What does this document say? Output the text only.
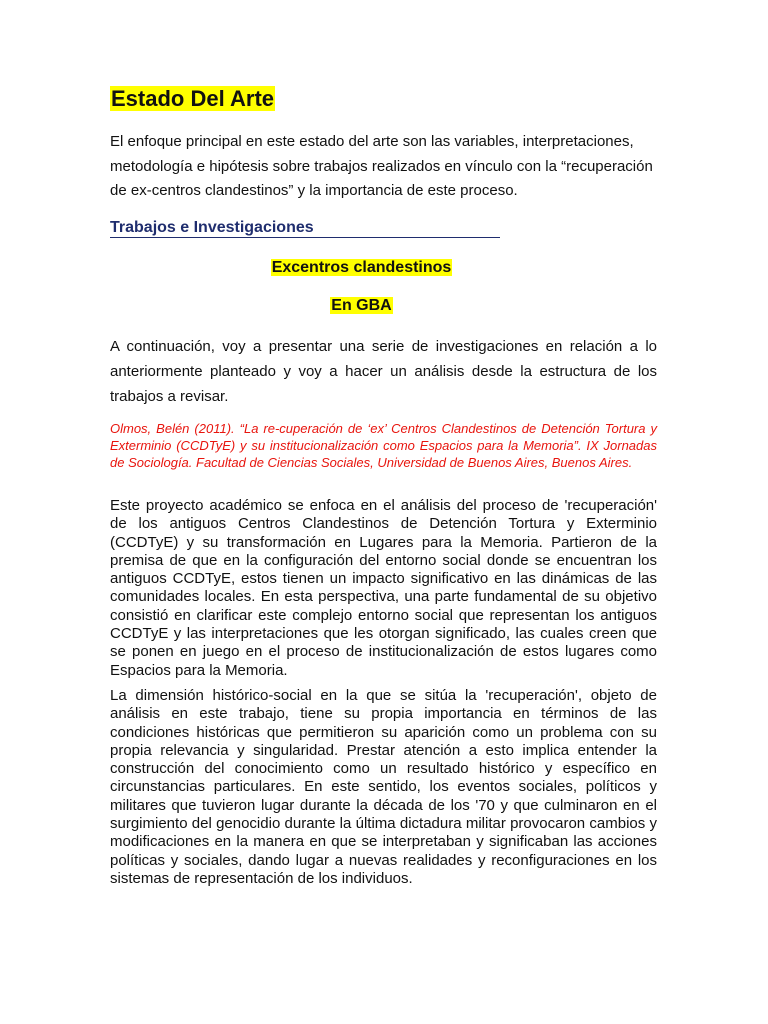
Estado Del Arte

El enfoque principal en este estado del arte son las variables, interpretaciones, metodología e hipótesis sobre trabajos realizados en vínculo con la “recuperación de ex-centros clandestinos” y la importancia de este proceso.

Trabajos e Investigaciones
Excentros clandestinos
En GBA

A continuación, voy a presentar una serie de investigaciones en relación a lo anteriormente planteado y voy a hacer un análisis desde la estructura de los trabajos a revisar.

Olmos, Belén (2011). “La re-cuperación de ‘ex’ Centros Clandestinos de Detención Tortura y Exterminio (CCDTyE) y su institucionalización como Espacios para la Memoria”. IX Jornadas de Sociología. Facultad de Ciencias Sociales, Universidad de Buenos Aires, Buenos Aires.

Este proyecto académico se enfoca en el análisis del proceso de 'recuperación' de los antiguos Centros Clandestinos de Detención Tortura y Exterminio (CCDTyE) y su transformación en Lugares para la Memoria. Partieron de la premisa de que en la configuración del entorno social donde se encuentran los antiguos CCDTyE, estos tienen un impacto significativo en las dinámicas de las comunidades locales. En esta perspectiva, una parte fundamental de su objetivo consistió en clarificar este complejo entorno social que representan los antiguos CCDTyE y las interpretaciones que les otorgan significado, las cuales creen que se ponen en juego en el proceso de institucionalización de estos lugares como Espacios para la Memoria.

La dimensión histórico-social en la que se sitúa la 'recuperación', objeto de análisis en este trabajo, tiene su propia importancia en términos de las condiciones históricas que permitieron su aparición como un problema con su propia relevancia y singularidad. Prestar atención a esto implica entender la construcción del conocimiento como un resultado histórico y específico en circunstancias particulares. En este sentido, los eventos sociales, políticos y militares que tuvieron lugar durante la década de los '70 y que culminaron en el surgimiento del genocidio durante la última dictadura militar provocaron cambios y modificaciones en la manera en que se interpretaban y significaban las acciones políticas y sociales, dando lugar a nuevas realidades y reconfiguraciones en los sistemas de representación de los individuos.
